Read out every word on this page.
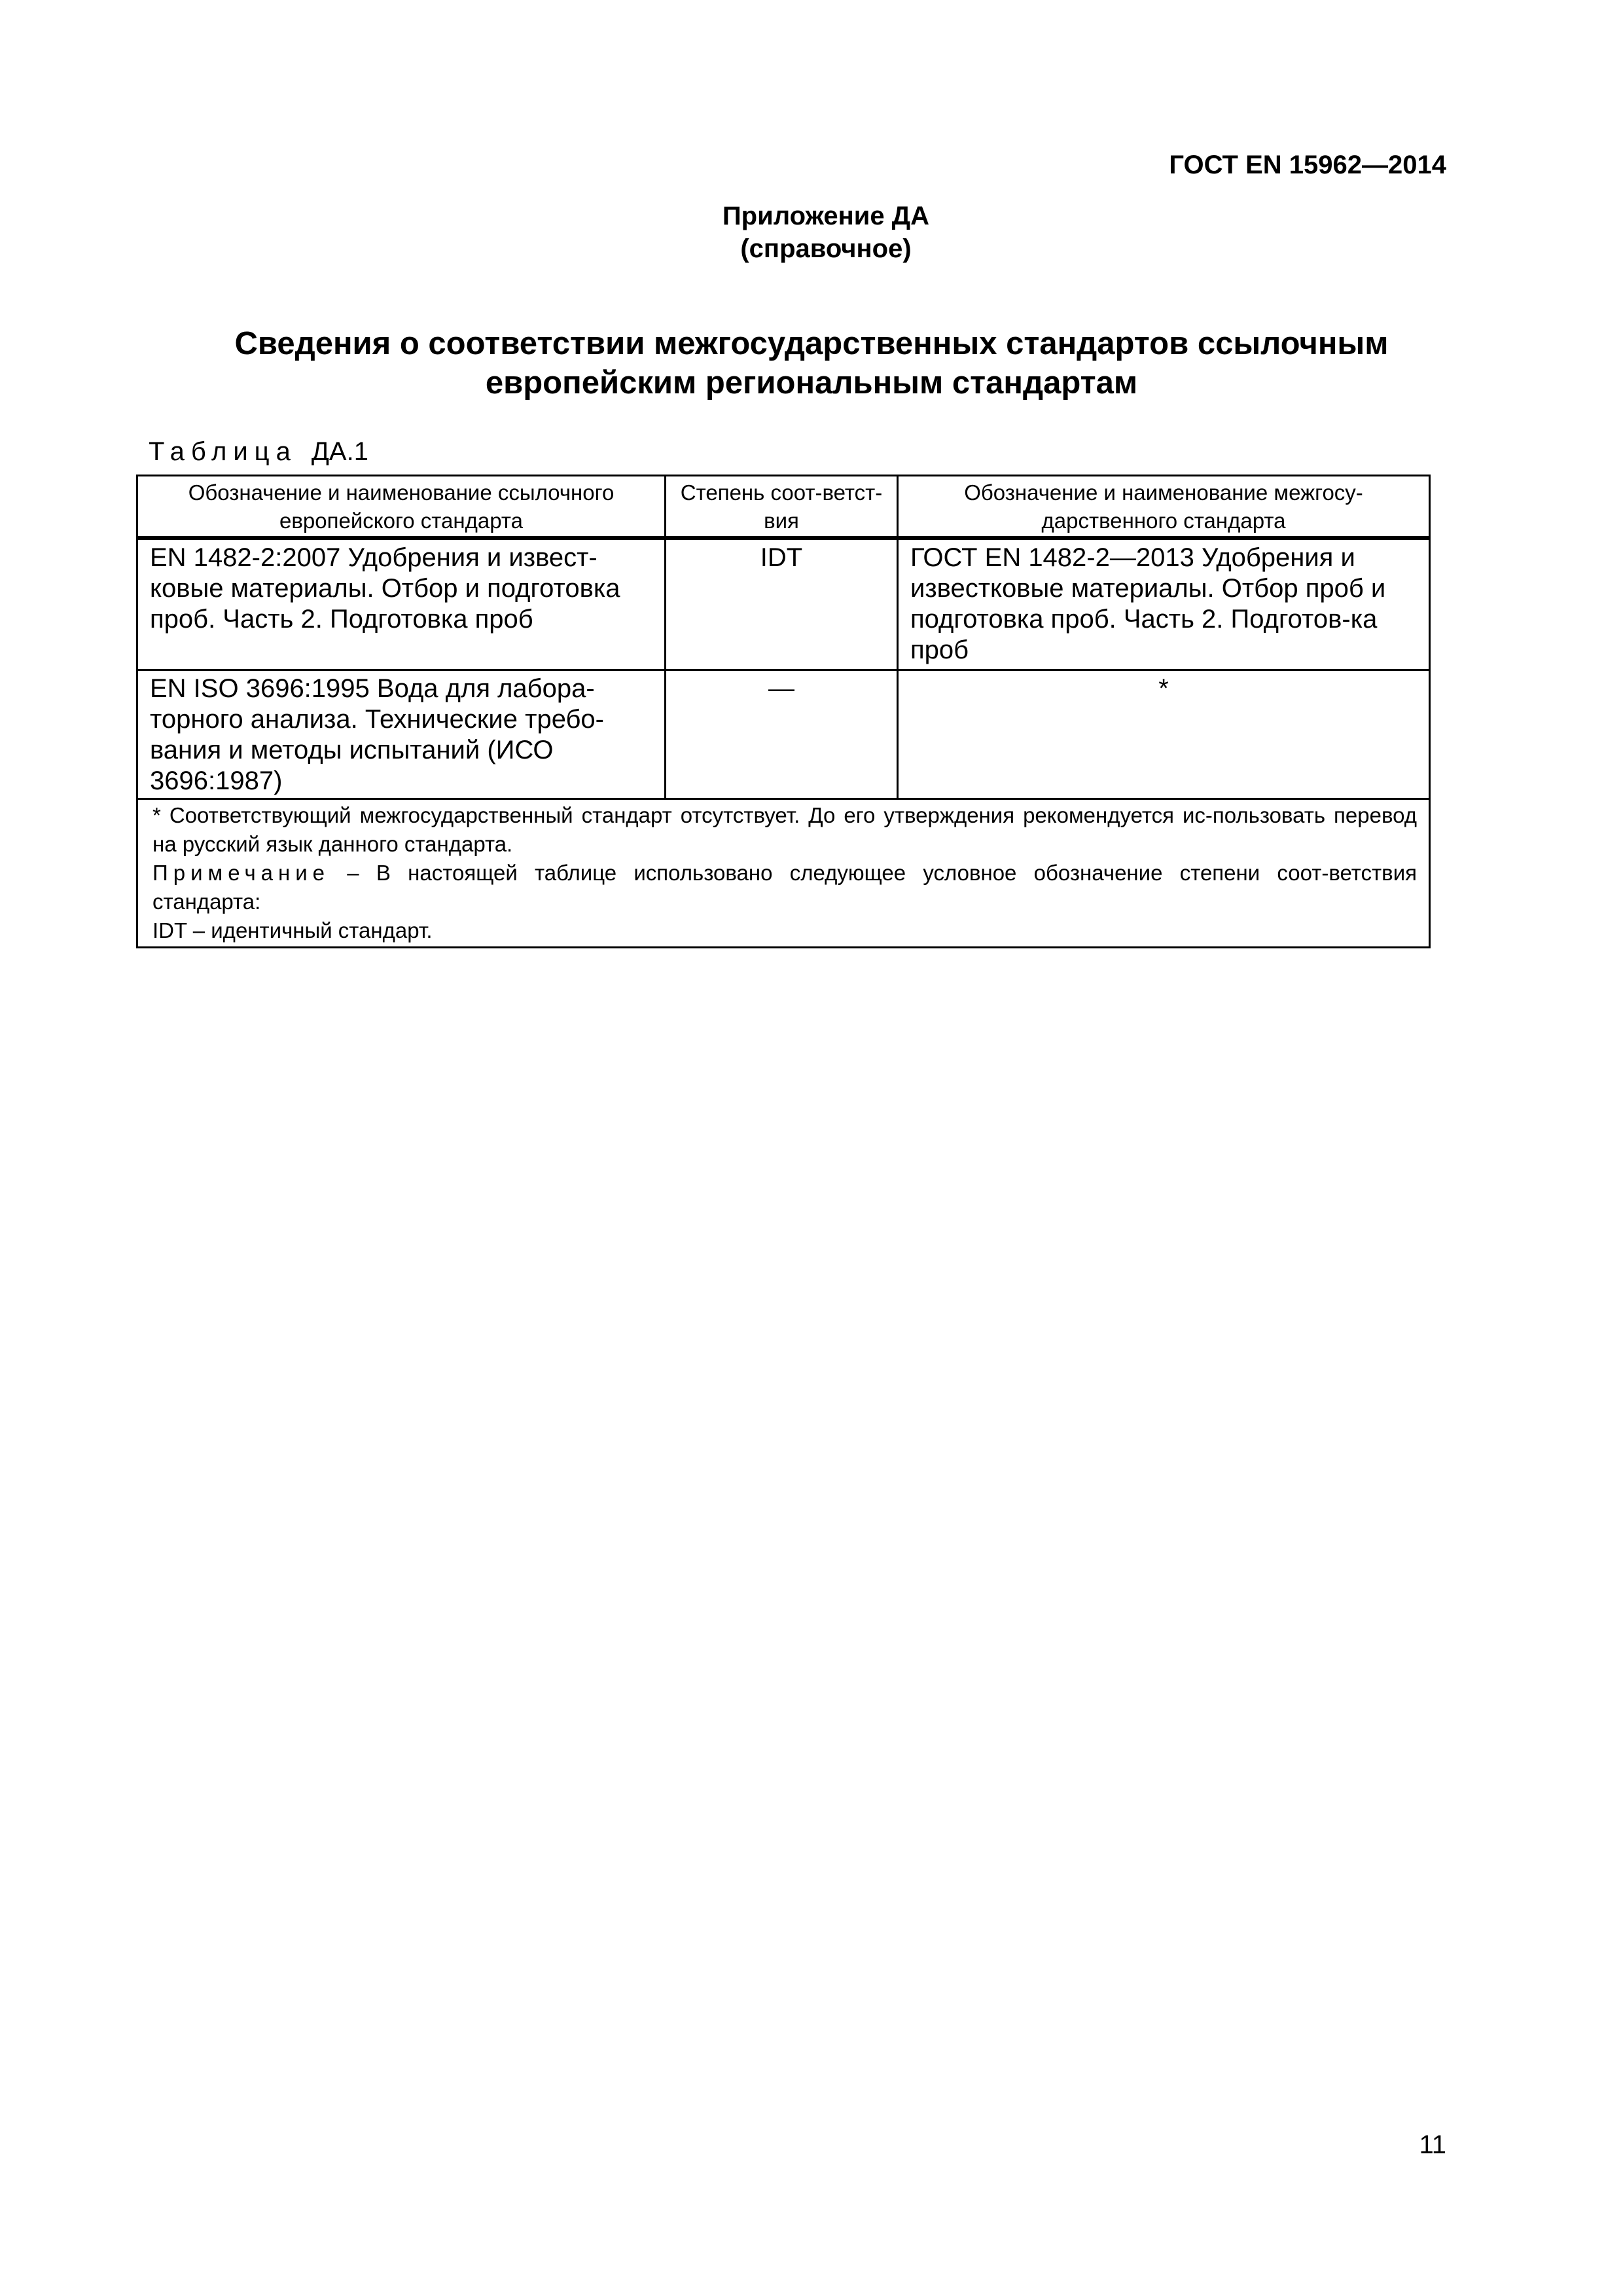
ГОСТ EN 15962—2014
Приложение ДА
(справочное)
Сведения о соответствии межгосударственных стандартов ссылочным
европейским региональным стандартам
Таблица ДА.1
Обозначение и наименование ссылочного европейского стандарта	Степень соот-ветст-вия	Обозначение и наименование межгосу-дарственного стандарта
EN 1482-2:2007 Удобрения и извест-ковые материалы. Отбор и подготовка проб. Часть 2. Подготовка проб	IDT	ГОСТ EN 1482-2—2013 Удобрения и известковые материалы. Отбор проб и подготовка проб. Часть 2. Подготов-ка проб
EN ISO 3696:1995 Вода для лабора-торного анализа. Технические требо-вания и методы испытаний (ИСО 3696:1987)	—	*

* Соответствующий межгосударственный стандарт отсутствует. До его утверждения рекомендуется ис-пользовать перевод на русский язык данного стандарта.
Примечание – В настоящей таблице использовано следующее условное обозначение степени соот-ветствия стандарта:
IDT – идентичный стандарт.		
11
